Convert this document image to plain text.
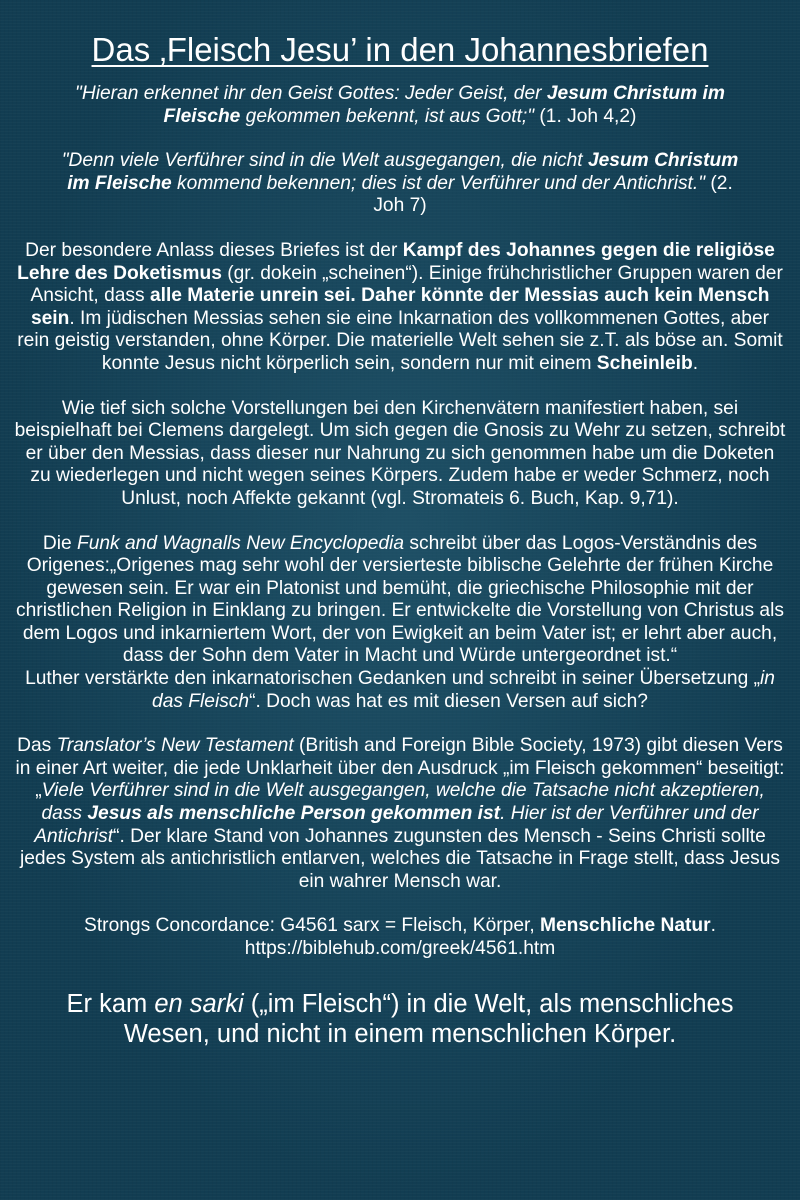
Das ‚Fleisch Jesu’ in den Johannesbriefen

"Hieran erkennet ihr den Geist Gottes: Jeder Geist, der Jesum Christum im Fleische gekommen bekennt, ist aus Gott;" (1. Joh 4,2)

"Denn viele Verführer sind in die Welt ausgegangen, die nicht Jesum Christum im Fleische kommend bekennen; dies ist der Verführer und der Antichrist." (2. Joh 7)

Der besondere Anlass dieses Briefes ist der Kampf des Johannes gegen die religiöse Lehre des Doketismus (gr. dokein „scheinen“). Einige frühchristlicher Gruppen waren der Ansicht, dass alle Materie unrein sei. Daher könnte der Messias auch kein Mensch sein. Im jüdischen Messias sehen sie eine Inkarnation des vollkommenen Gottes, aber rein geistig verstanden, ohne Körper. Die materielle Welt sehen sie z.T. als böse an. Somit konnte Jesus nicht körperlich sein, sondern nur mit einem Scheinleib.

Wie tief sich solche Vorstellungen bei den Kirchenvätern manifestiert haben, sei beispielhaft bei Clemens dargelegt. Um sich gegen die Gnosis zu Wehr zu setzen, schreibt er über den Messias, dass dieser nur Nahrung zu sich genommen habe um die Doketen zu wiederlegen und nicht wegen seines Körpers. Zudem habe er weder Schmerz, noch Unlust, noch Affekte gekannt (vgl. Stromateis 6. Buch, Kap. 9,71).

Die Funk and Wagnalls New Encyclopedia schreibt über das Logos-Verständnis des Origenes:„Origenes mag sehr wohl der versierteste biblische Gelehrte der frühen Kirche gewesen sein. Er war ein Platonist und bemüht, die griechische Philosophie mit der christlichen Religion in Einklang zu bringen. Er entwickelte die Vorstellung von Christus als dem Logos und inkarniertem Wort, der von Ewigkeit an beim Vater ist; er lehrt aber auch, dass der Sohn dem Vater in Macht und Würde untergeordnet ist.“
Luther verstärkte den inkarnatorischen Gedanken und schreibt in seiner Übersetzung „in das Fleisch“. Doch was hat es mit diesen Versen auf sich?

Das Translator’s New Testament (British and Foreign Bible Society, 1973) gibt diesen Vers in einer Art weiter, die jede Unklarheit über den Ausdruck „im Fleisch gekommen“ beseitigt: „Viele Verführer sind in die Welt ausgegangen, welche die Tatsache nicht akzeptieren, dass Jesus als menschliche Person gekommen ist. Hier ist der Verführer und der Antichrist“. Der klare Stand von Johannes zugunsten des Mensch - Seins Christi sollte jedes System als antichristlich entlarven, welches die Tatsache in Frage stellt, dass Jesus ein wahrer Mensch war.

Strongs Concordance: G4561 sarx = Fleisch, Körper, Menschliche Natur.
https://biblehub.com/greek/4561.htm

Er kam en sarki („im Fleisch“) in die Welt, als menschliches Wesen, und nicht in einem menschlichen Körper.
